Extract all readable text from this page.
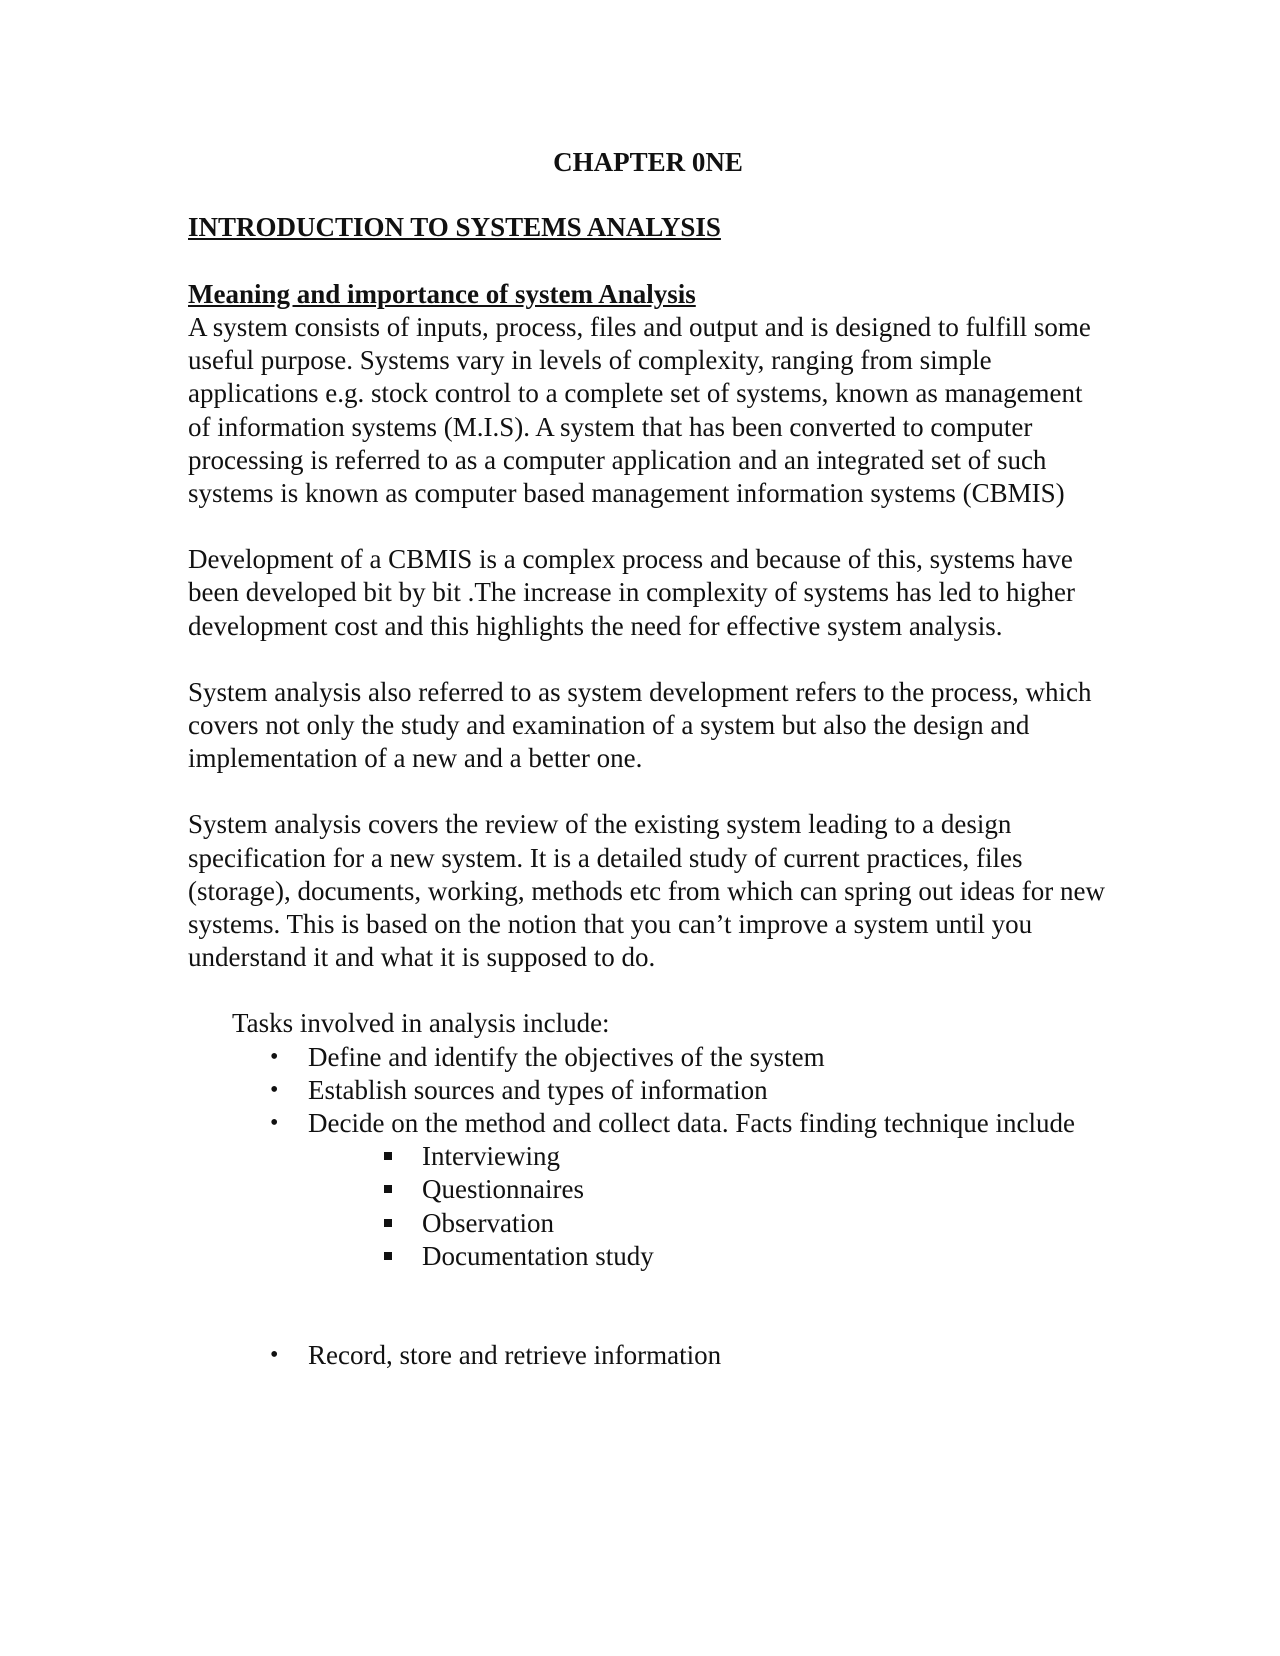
CHAPTER 0NE
INTRODUCTION TO SYSTEMS ANALYSIS
Meaning and importance of system Analysis

A system consists of inputs, process, files and output and is designed to fulfill some useful purpose. Systems vary in levels of complexity, ranging from simple applications e.g. stock control to a complete set of systems, known as management of information systems (M.I.S). A system that has been converted to computer processing is referred to as a computer application and an integrated set of such systems is known as computer based management information systems (CBMIS)

Development of a CBMIS is a complex process and because of this, systems have been developed bit by bit .The increase in complexity of systems has led to higher development cost and this highlights the need for effective system analysis.

System analysis also referred to as system development refers to the process, which covers not only the study and examination of a system but also the design and implementation of a new and a better one.

System analysis covers the review of the existing system leading to a design specification for a new system. It is a detailed study of current practices, files (storage), documents, working, methods etc from which can spring out ideas for new systems. This is based on the notion that you can’t improve a system until you understand it and what it is supposed to do.

Tasks involved in analysis include:

•	Define and identify the objectives of the system
•	Establish sources and types of information
•	Decide on the method and collect data. Facts finding technique include
Interviewing
Questionnaires
Observation
Documentation study
•	Record, store and retrieve information
